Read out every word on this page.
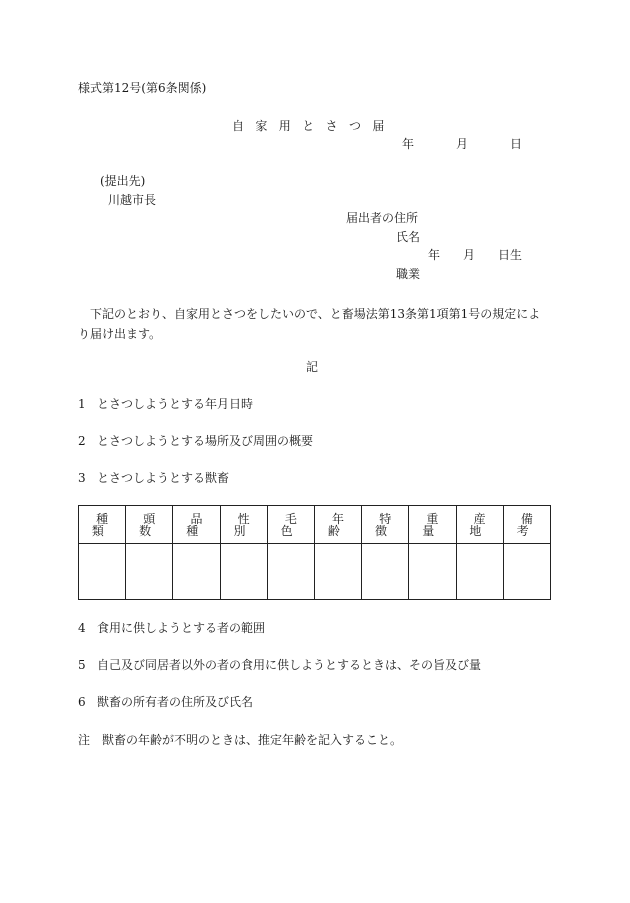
様式第12号(第6条関係)
自家用とさつ届
年	月	日
(提出先)
川越市長
届出者の住所
氏名
年 月 日生
職業
下記のとおり、自家用とさつをしたいので、と畜場法第13条第1項第1号の規定により届け出ます。
記
1 とさつしようとする年月日時
2 とさつしようとする場所及び周囲の概要
3 とさつしようとする獣畜
種類	頭数	品種	性別	毛色	年齢	特徴	重量	産地	備考

4 食用に供しようとする者の範囲
5 自己及び同居者以外の者の食用に供しようとするときは、その旨及び量
6 獣畜の所有者の住所及び氏名
注 獣畜の年齢が不明のときは、推定年齢を記入すること。
